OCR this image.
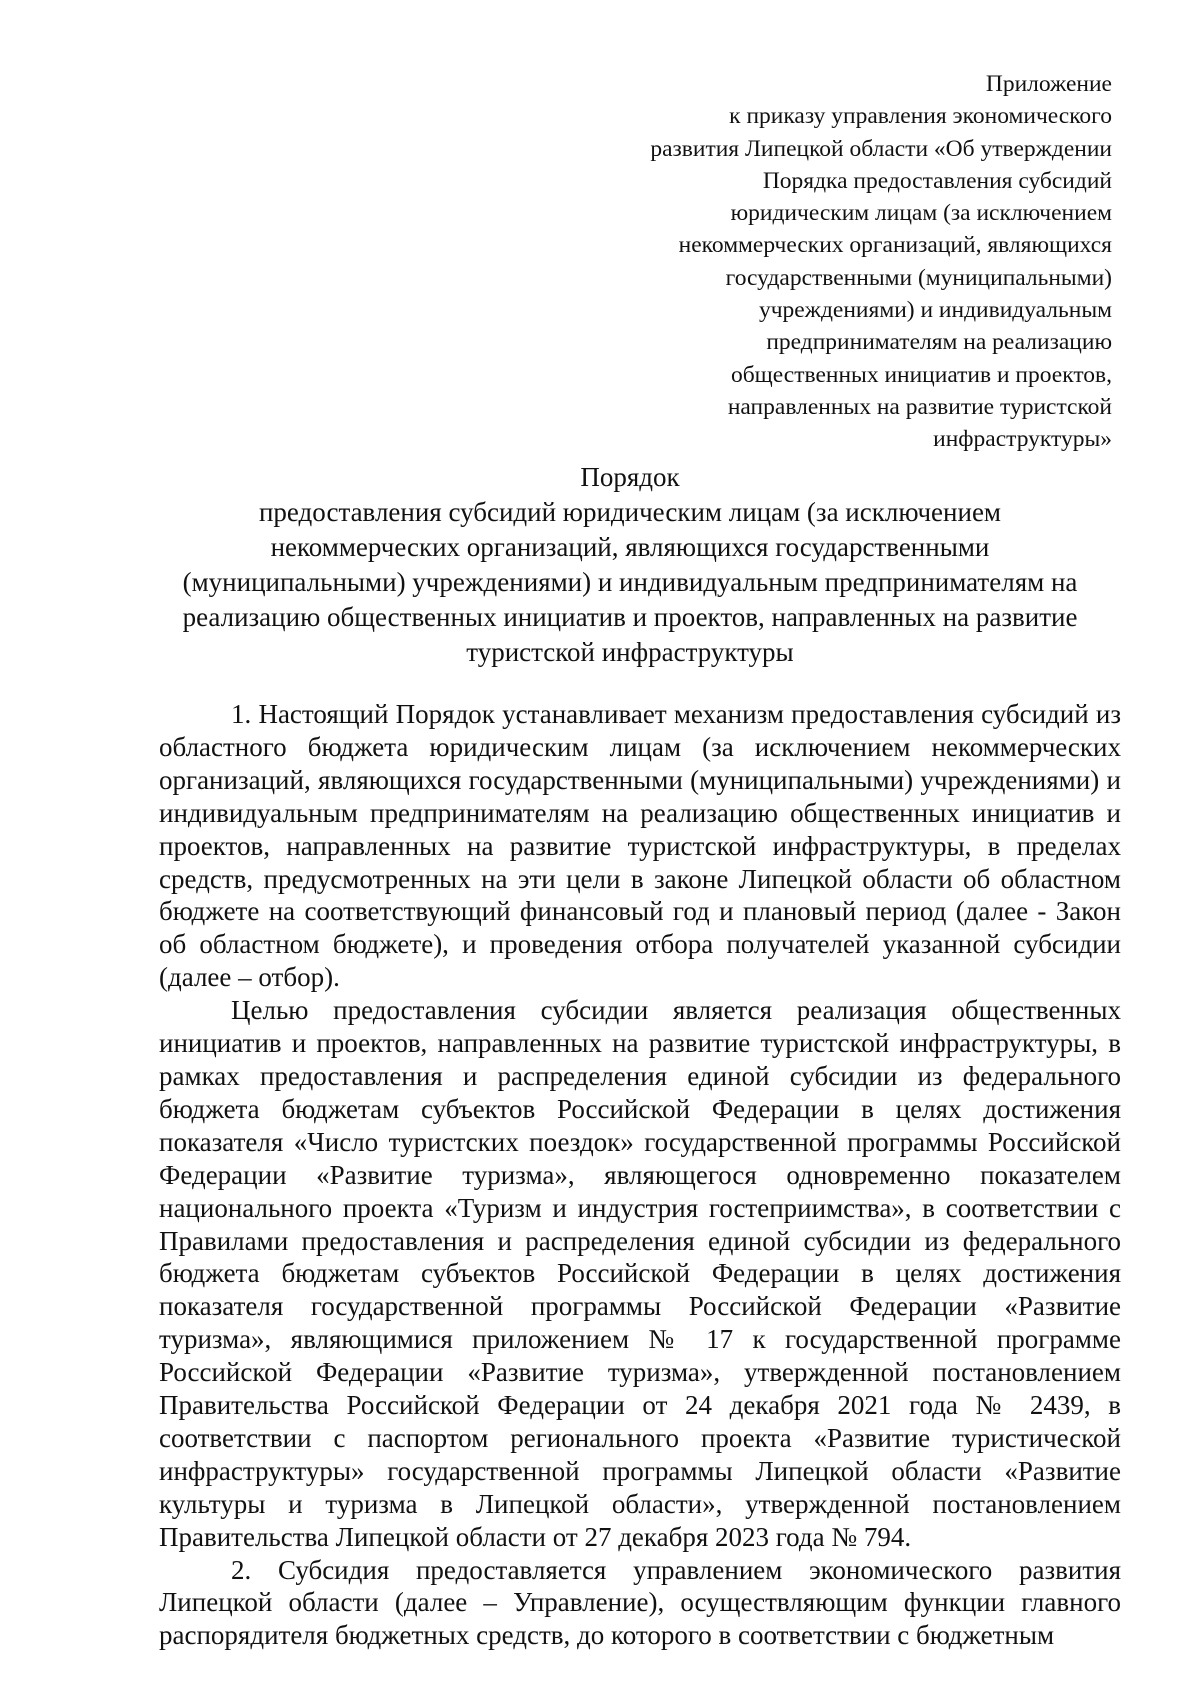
Приложение
к приказу управления экономического
развития Липецкой области «Об утверждении
Порядка предоставления субсидий
юридическим лицам (за исключением
некоммерческих организаций, являющихся
государственными (муниципальными)
учреждениями) и индивидуальным
предпринимателям на реализацию
общественных инициатив и проектов,
направленных на развитие туристской
инфраструктуры»
Порядок
предоставления субсидий юридическим лицам (за исключением
некоммерческих организаций, являющихся государственными
(муниципальными) учреждениями) и индивидуальным предпринимателям на
реализацию общественных инициатив и проектов, направленных на развитие
туристской инфраструктуры

1. Настоящий Порядок устанавливает механизм предоставления субсидий из областного бюджета юридическим лицам (за исключением некоммерческих организаций, являющихся государственными (муниципальными) учреждениями) и индивидуальным предпринимателям на реализацию общественных инициатив и проектов, направленных на развитие туристской инфраструктуры, в пределах средств, предусмотренных на эти цели в законе Липецкой области об областном бюджете на соответствующий финансовый год и плановый период (далее - Закон об областном бюджете), и проведения отбора получателей указанной субсидии (далее – отбор).

Целью предоставления субсидии является реализация общественных инициатив и проектов, направленных на развитие туристской инфраструктуры, в рамках предоставления и распределения единой субсидии из федерального бюджета бюджетам субъектов Российской Федерации в целях достижения показателя «Число туристских поездок» государственной программы Российской Федерации «Развитие туризма», являющегося одновременно показателем национального проекта «Туризм и индустрия гостеприимства», в соответствии с Правилами предоставления и распределения единой субсидии из федерального бюджета бюджетам субъектов Российской Федерации в целях достижения показателя государственной программы Российской Федерации «Развитие туризма», являющимися приложением № 17 к государственной программе Российской Федерации «Развитие туризма», утвержденной постановлением Правительства Российской Федерации от 24 декабря 2021 года № 2439, в соответствии с паспортом регионального проекта «Развитие туристической инфраструктуры» государственной программы Липецкой области «Развитие культуры и туризма в Липецкой области», утвержденной постановлением Правительства Липецкой области от 27 декабря 2023 года № 794.

2. Субсидия предоставляется управлением экономического развития Липецкой области (далее – Управление), осуществляющим функции главного распорядителя бюджетных средств, до которого в соответствии с бюджетным
